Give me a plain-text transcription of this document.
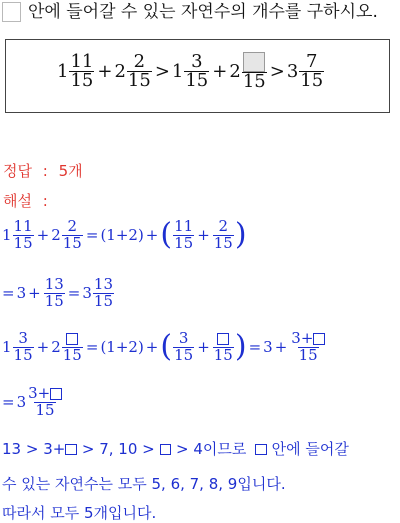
안에 들어갈 수 있는 자연수의 개수를 구하시오.
$1 \frac{11}{15} + 2 \frac{2}{15} > 1 \frac{3}{15} + 2$ $15 > 3 \frac{7}{15}$
정답 : 5개
해설 :
$1 \frac{11}{15} + 2 \frac{2}{15} = (1+2)$ + ( $\frac{11}{15} + \frac{2}{15}$ )
= $3 + \frac{13}{15} = 3 \frac{13}{15}$
$1 \frac{3}{15} + 2$ 15 = (1+2) + ( $\frac{3}{15} + 15$ ) = $3 + \frac{3+}{15}$
= $3 \frac{3+}{15}$
13 > 3+ > 7, 10 > > 4이므로 안에 들어갈
수 있는 자연수는 모두 5, 6, 7, 8, 9입니다.
따라서 모두 5개입니다.
